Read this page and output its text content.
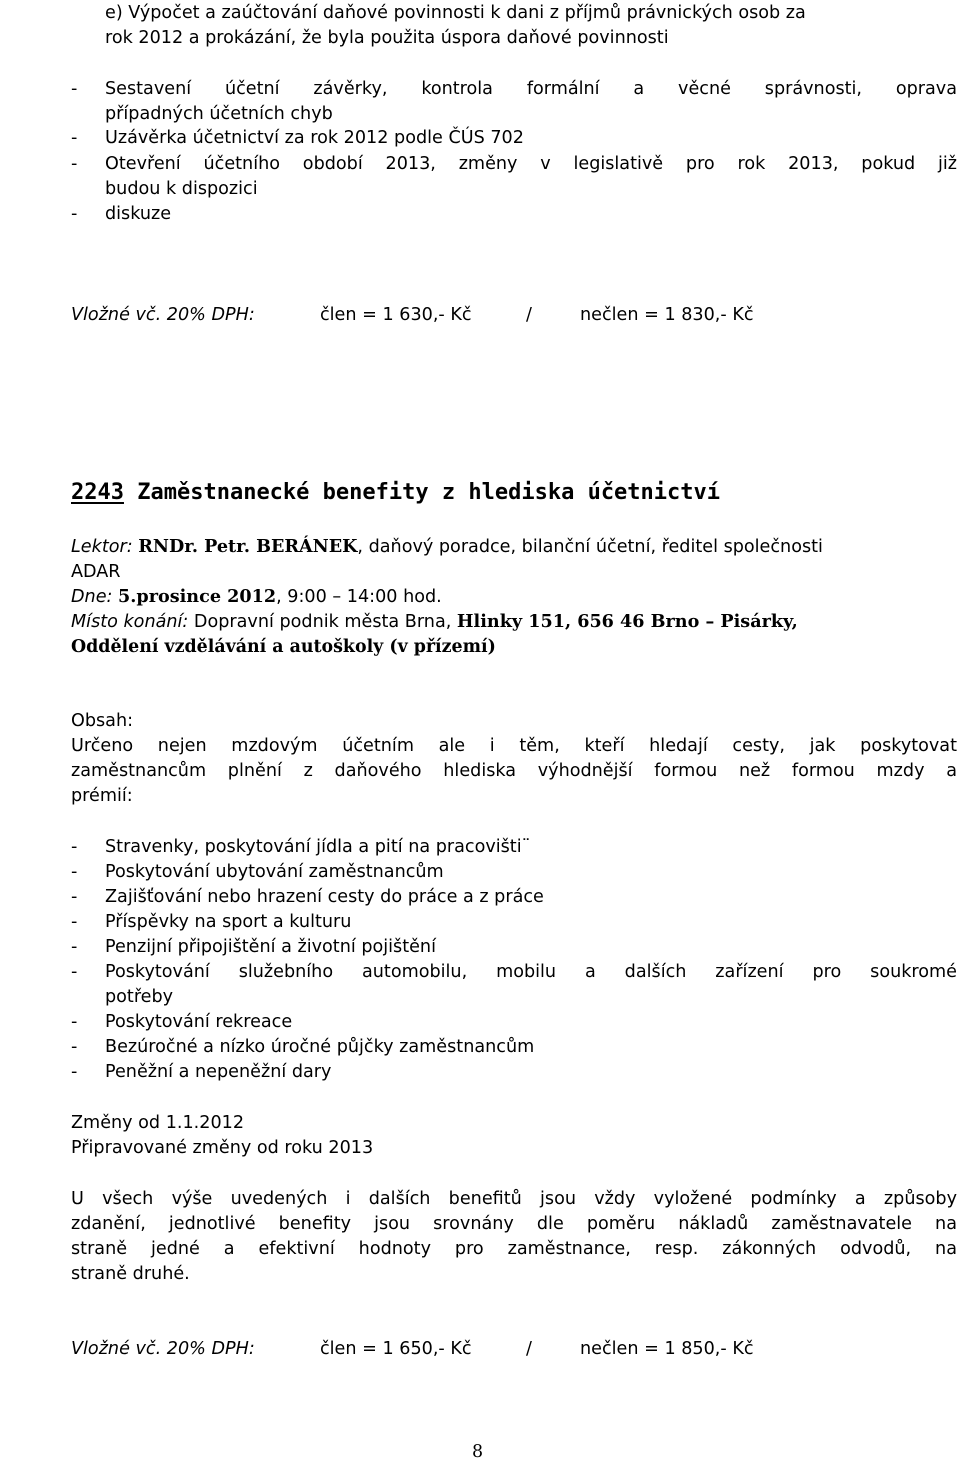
e) Výpočet a zaúčtování daňové povinnosti k dani z příjmů právnických osob za
rok 2012 a prokázání, že byla použita úspora daňové povinnosti
- Sestavení účetní závěrky, kontrola formální a věcné správnosti, oprava
případných účetních chyb
- Uzávěrka účetnictví za rok 2012 podle ČÚS 702
- Otevření účetního období 2013, změny v legislativě pro rok 2013, pokud již
budou k dispozici
- diskuze
Vložné vč. 20% DPH:	člen = 1 630,- Kč	/	nečlen = 1 830,- Kč
2243 Zaměstnanecké benefity z hlediska účetnictví
Lektor: RNDr. Petr. BERÁNEK, daňový poradce, bilanční účetní, ředitel společnosti
ADAR
Dne: 5.prosince 2012, 9:00 – 14:00 hod.
Místo konání: Dopravní podnik města Brna, Hlinky 151, 656 46 Brno – Pisárky,
Oddělení vzdělávání a autoškoly (v přízemí)
Obsah:
Určeno nejen mzdovým účetním ale i těm, kteří hledají cesty, jak poskytovat
zaměstnancům plnění z daňového hlediska výhodnější formou než formou mzdy a
prémií:
- Stravenky, poskytování jídla a pití na pracovišti¨
- Poskytování ubytování zaměstnancům
- Zajišťování nebo hrazení cesty do práce a z práce
- Příspěvky na sport a kulturu
- Penzijní připojištění a životní pojištění
- Poskytování služebního automobilu, mobilu a dalších zařízení pro soukromé
potřeby
- Poskytování rekreace
- Bezúročné a nízko úročné půjčky zaměstnancům
- Peněžní a nepeněžní dary
Změny od 1.1.2012
Připravované změny od roku 2013
U všech výše uvedených i dalších benefitů jsou vždy vyložené podmínky a způsoby
zdanění, jednotlivé benefity jsou srovnány dle poměru nákladů zaměstnavatele na
straně jedné a efektivní hodnoty pro zaměstnance, resp. zákonných odvodů, na
straně druhé.
Vložné vč. 20% DPH:	člen = 1 650,- Kč	/	nečlen = 1 850,- Kč
8
